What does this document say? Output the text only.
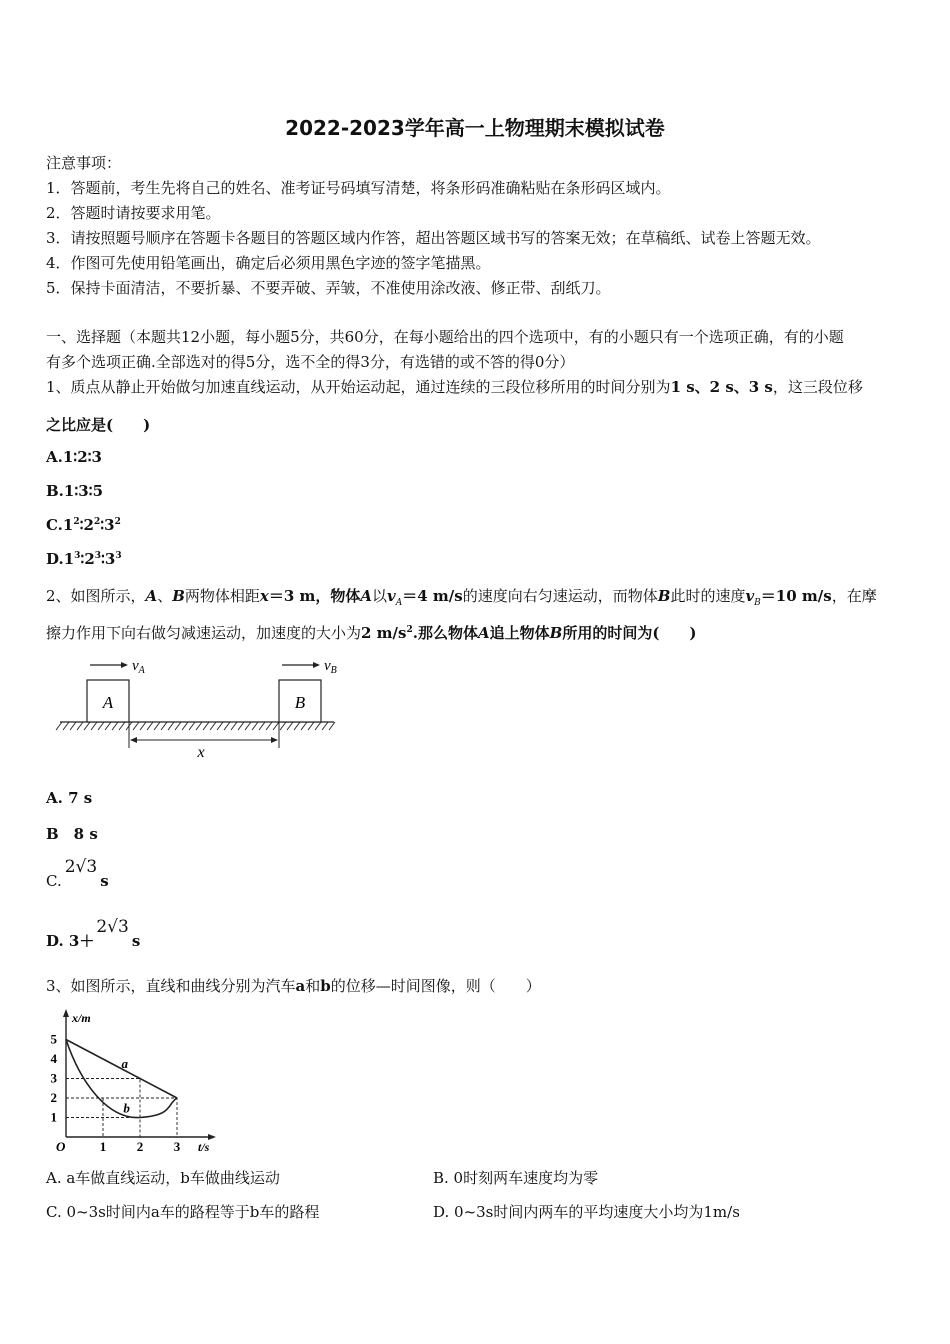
2022-2023学年高一上物理期末模拟试卷
注意事项：
1．答题前，考生先将自己的姓名、准考证号码填写清楚，将条形码准确粘贴在条形码区域内。
2．答题时请按要求用笔。
3．请按照题号顺序在答题卡各题目的答题区域内作答，超出答题区域书写的答案无效；在草稿纸、试卷上答题无效。
4．作图可先使用铅笔画出，确定后必须用黑色字迹的签字笔描黑。
5．保持卡面清洁，不要折暴、不要弄破、弄皱，不准使用涂改液、修正带、刮纸刀。
一、选择题（本题共12小题，每小题5分，共60分，在每小题给出的四个选项中，有的小题只有一个选项正确，有的小题
有多个选项正确.全部选对的得5分，选不全的得3分，有选错的或不答的得0分）
1、质点从静止开始做匀加速直线运动，从开始运动起，通过连续的三段位移所用的时间分别为1 s、2 s、3 s，这三段位移
之比应是(　　)
A.1∶2∶3
B.1∶3∶5
$C.1^2∶2^2∶3^2$
$D.1^3∶2^3∶3^3$
2、如图所示，A、B两物体相距x＝3 m，物体A以$v_A=4$ m/s的速度向右匀速运动，而物体B此时的速度$v_B=10$ m/s，在摩
擦力作用下向右做匀减速运动，加速度的大小为2 $m/s^2$.那么物体A追上物体B所用的时间为(　　)
A	B
$v_A$	$v_B$
x
A. 7 s
B　8 s
C.2√3s
D. 3＋2√3s
3、如图所示，直线和曲线分别为汽车a和b的位移—时间图像，则（　　）
x/m
t/s
O	1 2 3
1
2
3
4
5
a
b
A. a车做直线运动，b车做曲线运动	B. 0时刻两车速度均为零
C. 0~3s时间内a车的路程等于b车的路程	D. 0~3s时间内两车的平均速度大小均为1m/s
